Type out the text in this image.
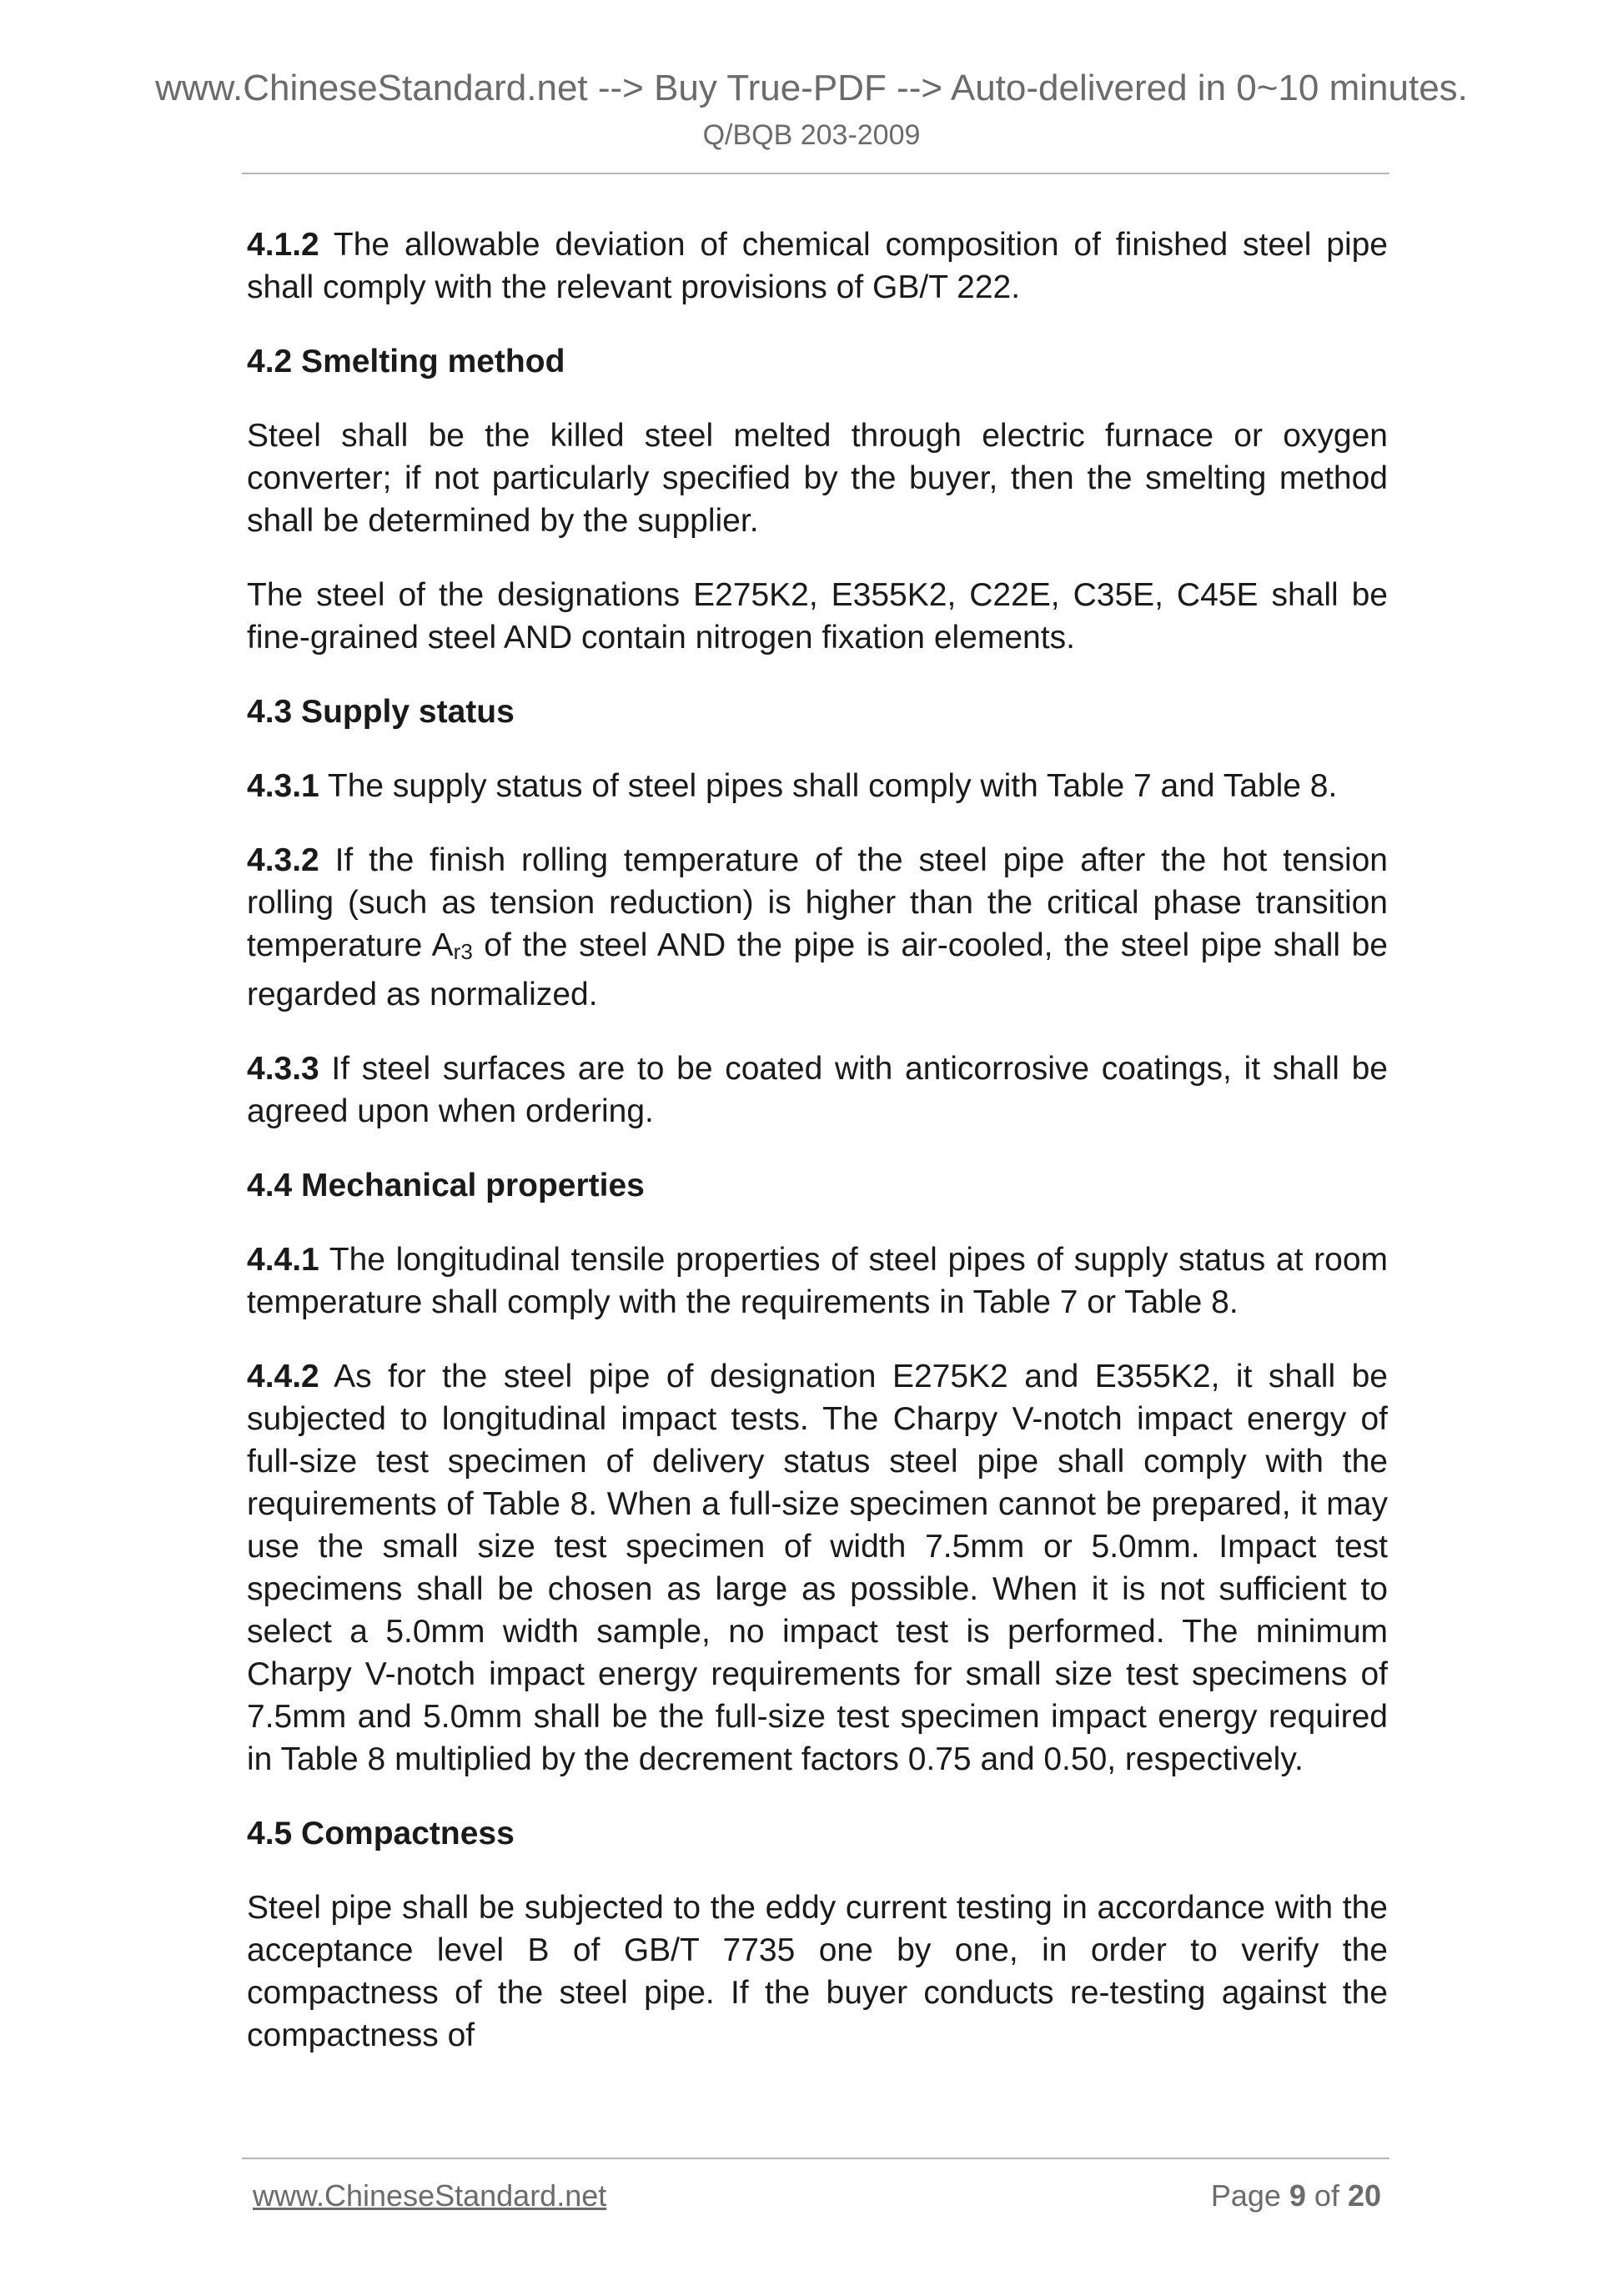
www.ChineseStandard.net --> Buy True-PDF --> Auto-delivered in 0~10 minutes.
Q/BQB 203-2009

4.1.2 The allowable deviation of chemical composition of finished steel pipe shall comply with the relevant provisions of GB/T 222.

4.2 Smelting method

Steel shall be the killed steel melted through electric furnace or oxygen converter; if not particularly specified by the buyer, then the smelting method shall be determined by the supplier.

The steel of the designations E275K2, E355K2, C22E, C35E, C45E shall be fine-grained steel AND contain nitrogen fixation elements.

4.3 Supply status

4.3.1 The supply status of steel pipes shall comply with Table 7 and Table 8.

4.3.2 If the finish rolling temperature of the steel pipe after the hot tension rolling (such as tension reduction) is higher than the critical phase transition temperature Ar3 of the steel AND the pipe is air-cooled, the steel pipe shall be regarded as normalized.

4.3.3 If steel surfaces are to be coated with anticorrosive coatings, it shall be agreed upon when ordering.

4.4 Mechanical properties

4.4.1 The longitudinal tensile properties of steel pipes of supply status at room temperature shall comply with the requirements in Table 7 or Table 8.

4.4.2 As for the steel pipe of designation E275K2 and E355K2, it shall be subjected to longitudinal impact tests. The Charpy V-notch impact energy of full-size test specimen of delivery status steel pipe shall comply with the requirements of Table 8. When a full-size specimen cannot be prepared, it may use the small size test specimen of width 7.5mm or 5.0mm. Impact test specimens shall be chosen as large as possible. When it is not sufficient to select a 5.0mm width sample, no impact test is performed. The minimum Charpy V-notch impact energy requirements for small size test specimens of 7.5mm and 5.0mm shall be the full-size test specimen impact energy required in Table 8 multiplied by the decrement factors 0.75 and 0.50, respectively.

4.5 Compactness

Steel pipe shall be subjected to the eddy current testing in accordance with the acceptance level B of GB/T 7735 one by one, in order to verify the compactness of the steel pipe. If the buyer conducts re-testing against the compactness of

www.ChineseStandard.net	Page 9 of 20
